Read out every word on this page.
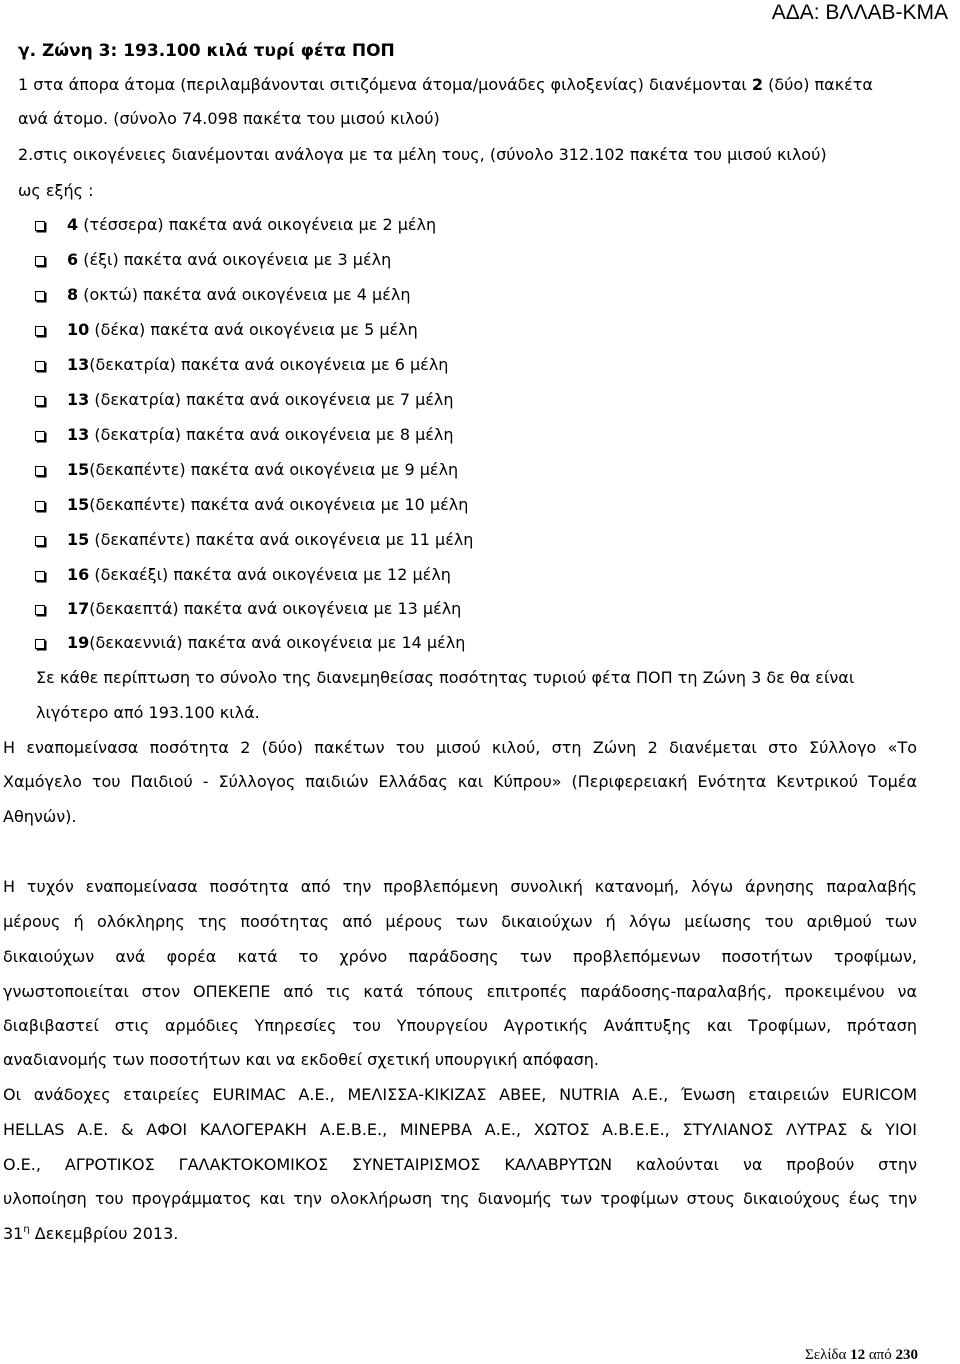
ΑΔΑ: ΒΛΛΑΒ-ΚΜΑ
γ. Ζώνη 3: 193.100 κιλά τυρί φέτα ΠΟΠ
1 στα άπορα άτομα (περιλαμβάνονται σιτιζόμενα άτομα/μονάδες φιλοξενίας) διανέμονται 2 (δύο) πακέτα
ανά άτομο. (σύνολο 74.098 πακέτα του μισού κιλού)
2.στις οικογένειες διανέμονται ανάλογα με τα μέλη τους, (σύνολο 312.102 πακέτα του μισού κιλού)
ως εξής :
4 (τέσσερα) πακέτα ανά οικογένεια με 2 μέλη
6 (έξι) πακέτα ανά οικογένεια με 3 μέλη
8 (οκτώ) πακέτα ανά οικογένεια με 4 μέλη
10 (δέκα) πακέτα ανά οικογένεια με 5 μέλη
13(δεκατρία) πακέτα ανά οικογένεια με 6 μέλη
13 (δεκατρία) πακέτα ανά οικογένεια με 7 μέλη
13 (δεκατρία) πακέτα ανά οικογένεια με 8 μέλη
15(δεκαπέντε) πακέτα ανά οικογένεια με 9 μέλη
15(δεκαπέντε) πακέτα ανά οικογένεια με 10 μέλη
15 (δεκαπέντε) πακέτα ανά οικογένεια με 11 μέλη
16 (δεκαέξι) πακέτα ανά οικογένεια με 12 μέλη
17(δεκαεπτά) πακέτα ανά οικογένεια με 13 μέλη
19(δεκαεννιά) πακέτα ανά οικογένεια με 14 μέλη
Σε κάθε περίπτωση το σύνολο της διανεμηθείσας ποσότητας τυριού φέτα ΠΟΠ τη Ζώνη 3 δε θα είναι
λιγότερο από 193.100 κιλά.
Η εναπομείνασα ποσότητα 2 (δύο) πακέτων του μισού κιλού, στη Ζώνη 2 διανέμεται στο Σύλλογο «Το
Χαμόγελο του Παιδιού - Σύλλογος παιδιών Ελλάδας και Κύπρου» (Περιφερειακή Ενότητα Κεντρικού Τομέα
Αθηνών).
Η τυχόν εναπομείνασα ποσότητα από την προβλεπόμενη συνολική κατανομή, λόγω άρνησης παραλαβής
μέρους ή ολόκληρης της ποσότητας από μέρους των δικαιούχων ή λόγω μείωσης του αριθμού των
δικαιούχων ανά φορέα κατά το χρόνο παράδοσης των προβλεπόμενων ποσοτήτων τροφίμων,
γνωστοποιείται στον ΟΠΕΚΕΠΕ από τις κατά τόπους επιτροπές παράδοσης-παραλαβής, προκειμένου να
διαβιβαστεί στις αρμόδιες Υπηρεσίες του Υπουργείου Αγροτικής Ανάπτυξης και Τροφίμων, πρόταση
αναδιανομής των ποσοτήτων και να εκδοθεί σχετική υπουργική απόφαση.
Οι ανάδοχες εταιρείες EURIMAC Α.Ε., ΜΕΛΙΣΣΑ-ΚΙΚΙΖΑΣ ΑΒΕΕ, NUTRIA Α.Ε., Ένωση εταιρειών EURICOM
HELLAS Α.Ε. & ΑΦΟΙ ΚΑΛΟΓΕΡΑΚΗ Α.Ε.Β.Ε., ΜΙΝΕΡΒΑ Α.Ε., ΧΩΤΟΣ Α.Β.Ε.Ε., ΣΤΥΛΙΑΝΟΣ ΛΥΤΡΑΣ & ΥΙΟΙ
Ο.Ε., ΑΓΡΟΤΙΚΟΣ ΓΑΛΑΚΤΟΚΟΜΙΚΟΣ ΣΥΝΕΤΑΙΡΙΣΜΟΣ ΚΑΛΑΒΡΥΤΩΝ καλούνται να προβούν στην
υλοποίηση του προγράμματος και την ολοκλήρωση της διανομής των τροφίμων στους δικαιούχους έως την
$31^\eta$ Δεκεμβρίου 2013.
Σελίδα 12 από 230
